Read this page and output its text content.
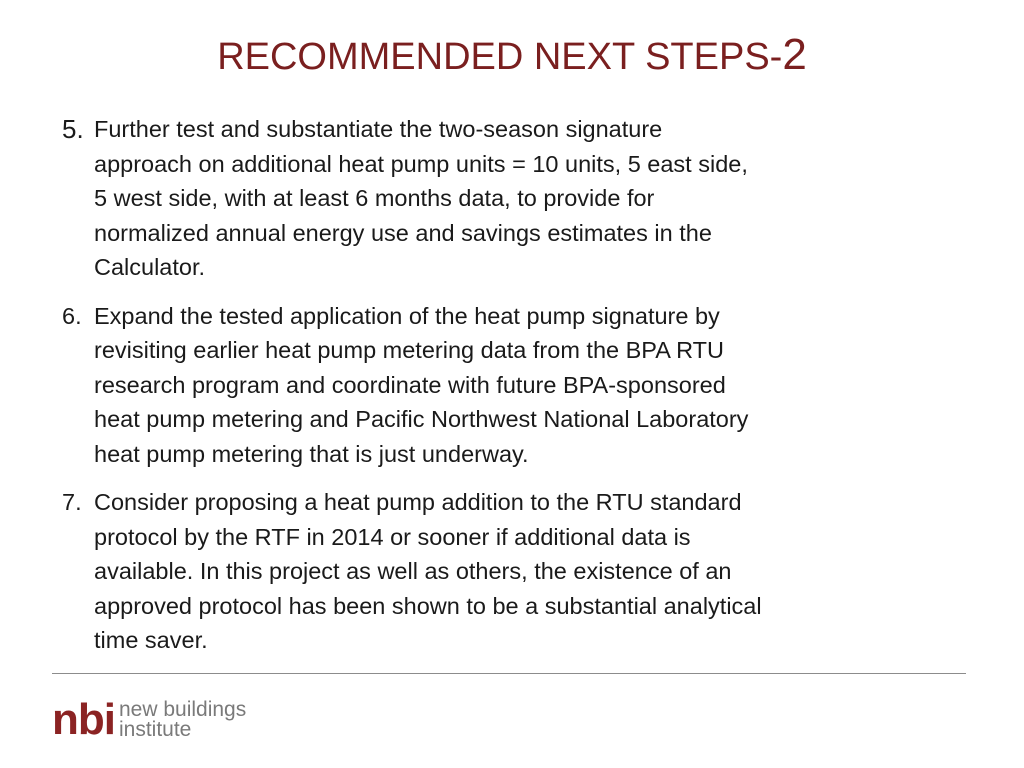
RECOMMENDED NEXT STEPS-2
5. Further test and substantiate the two-season signature
approach on additional heat pump units = 10 units, 5 east side,
5 west side, with at least 6 months data, to provide for
normalized annual energy use and savings estimates in the
Calculator.
6. Expand the tested application of the heat pump signature by
revisiting earlier heat pump metering data from the BPA RTU
research program and coordinate with future BPA-sponsored
heat pump metering and Pacific Northwest National Laboratory
heat pump metering that is just underway.
7. Consider proposing a heat pump addition to the RTU standard
protocol by the RTF in 2014 or sooner if additional data is
available. In this project as well as others, the existence of an
approved protocol has been shown to be a substantial analytical
time saver.
nbi new buildings
institute
